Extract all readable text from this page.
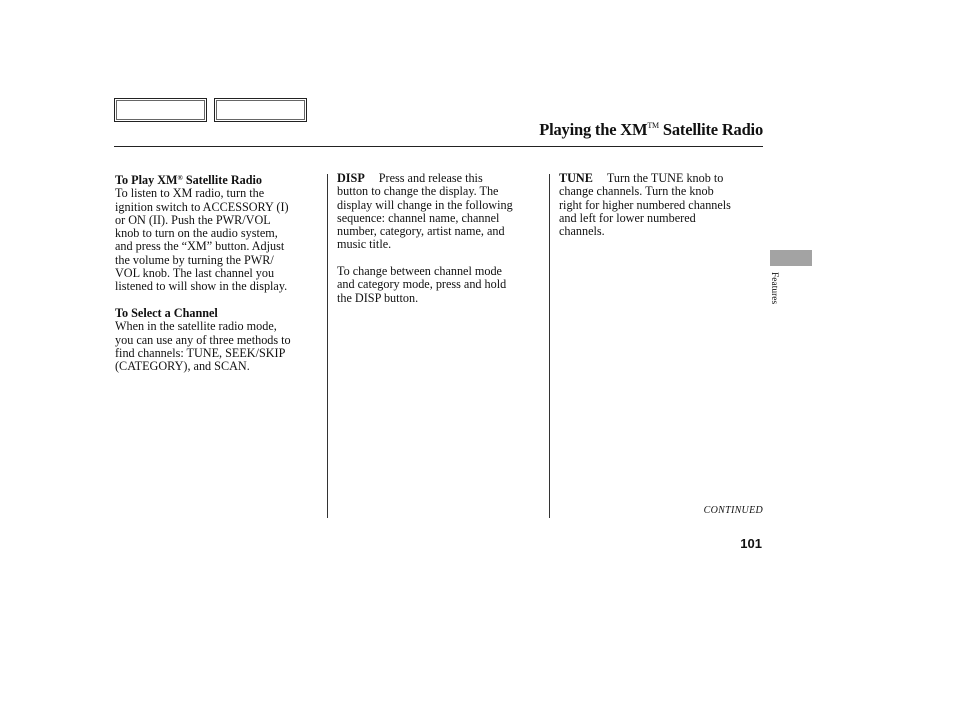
Playing the XM™ Satellite Radio

To Play XM® Satellite Radio

To listen to XM radio, turn the

ignition switch to ACCESSORY (I)

or ON (II). Push the PWR/VOL

knob to turn on the audio system,

and press the “XM” button. Adjust

the volume by turning the PWR/

VOL knob. The last channel you

listened to will show in the display.

To Select a Channel

When in the satellite radio mode,

you can use any of three methods to

find channels: TUNE, SEEK/SKIP

(CATEGORY), and SCAN.

DISP Press and release this

button to change the display. The

display will change in the following

sequence: channel name, channel

number, category, artist name, and

music title.

To change between channel mode

and category mode, press and hold

the DISP button.

TUNE Turn the TUNE knob to

change channels. Turn the knob

right for higher numbered channels

and left for lower numbered

channels.

Features
CONTINUED
101
